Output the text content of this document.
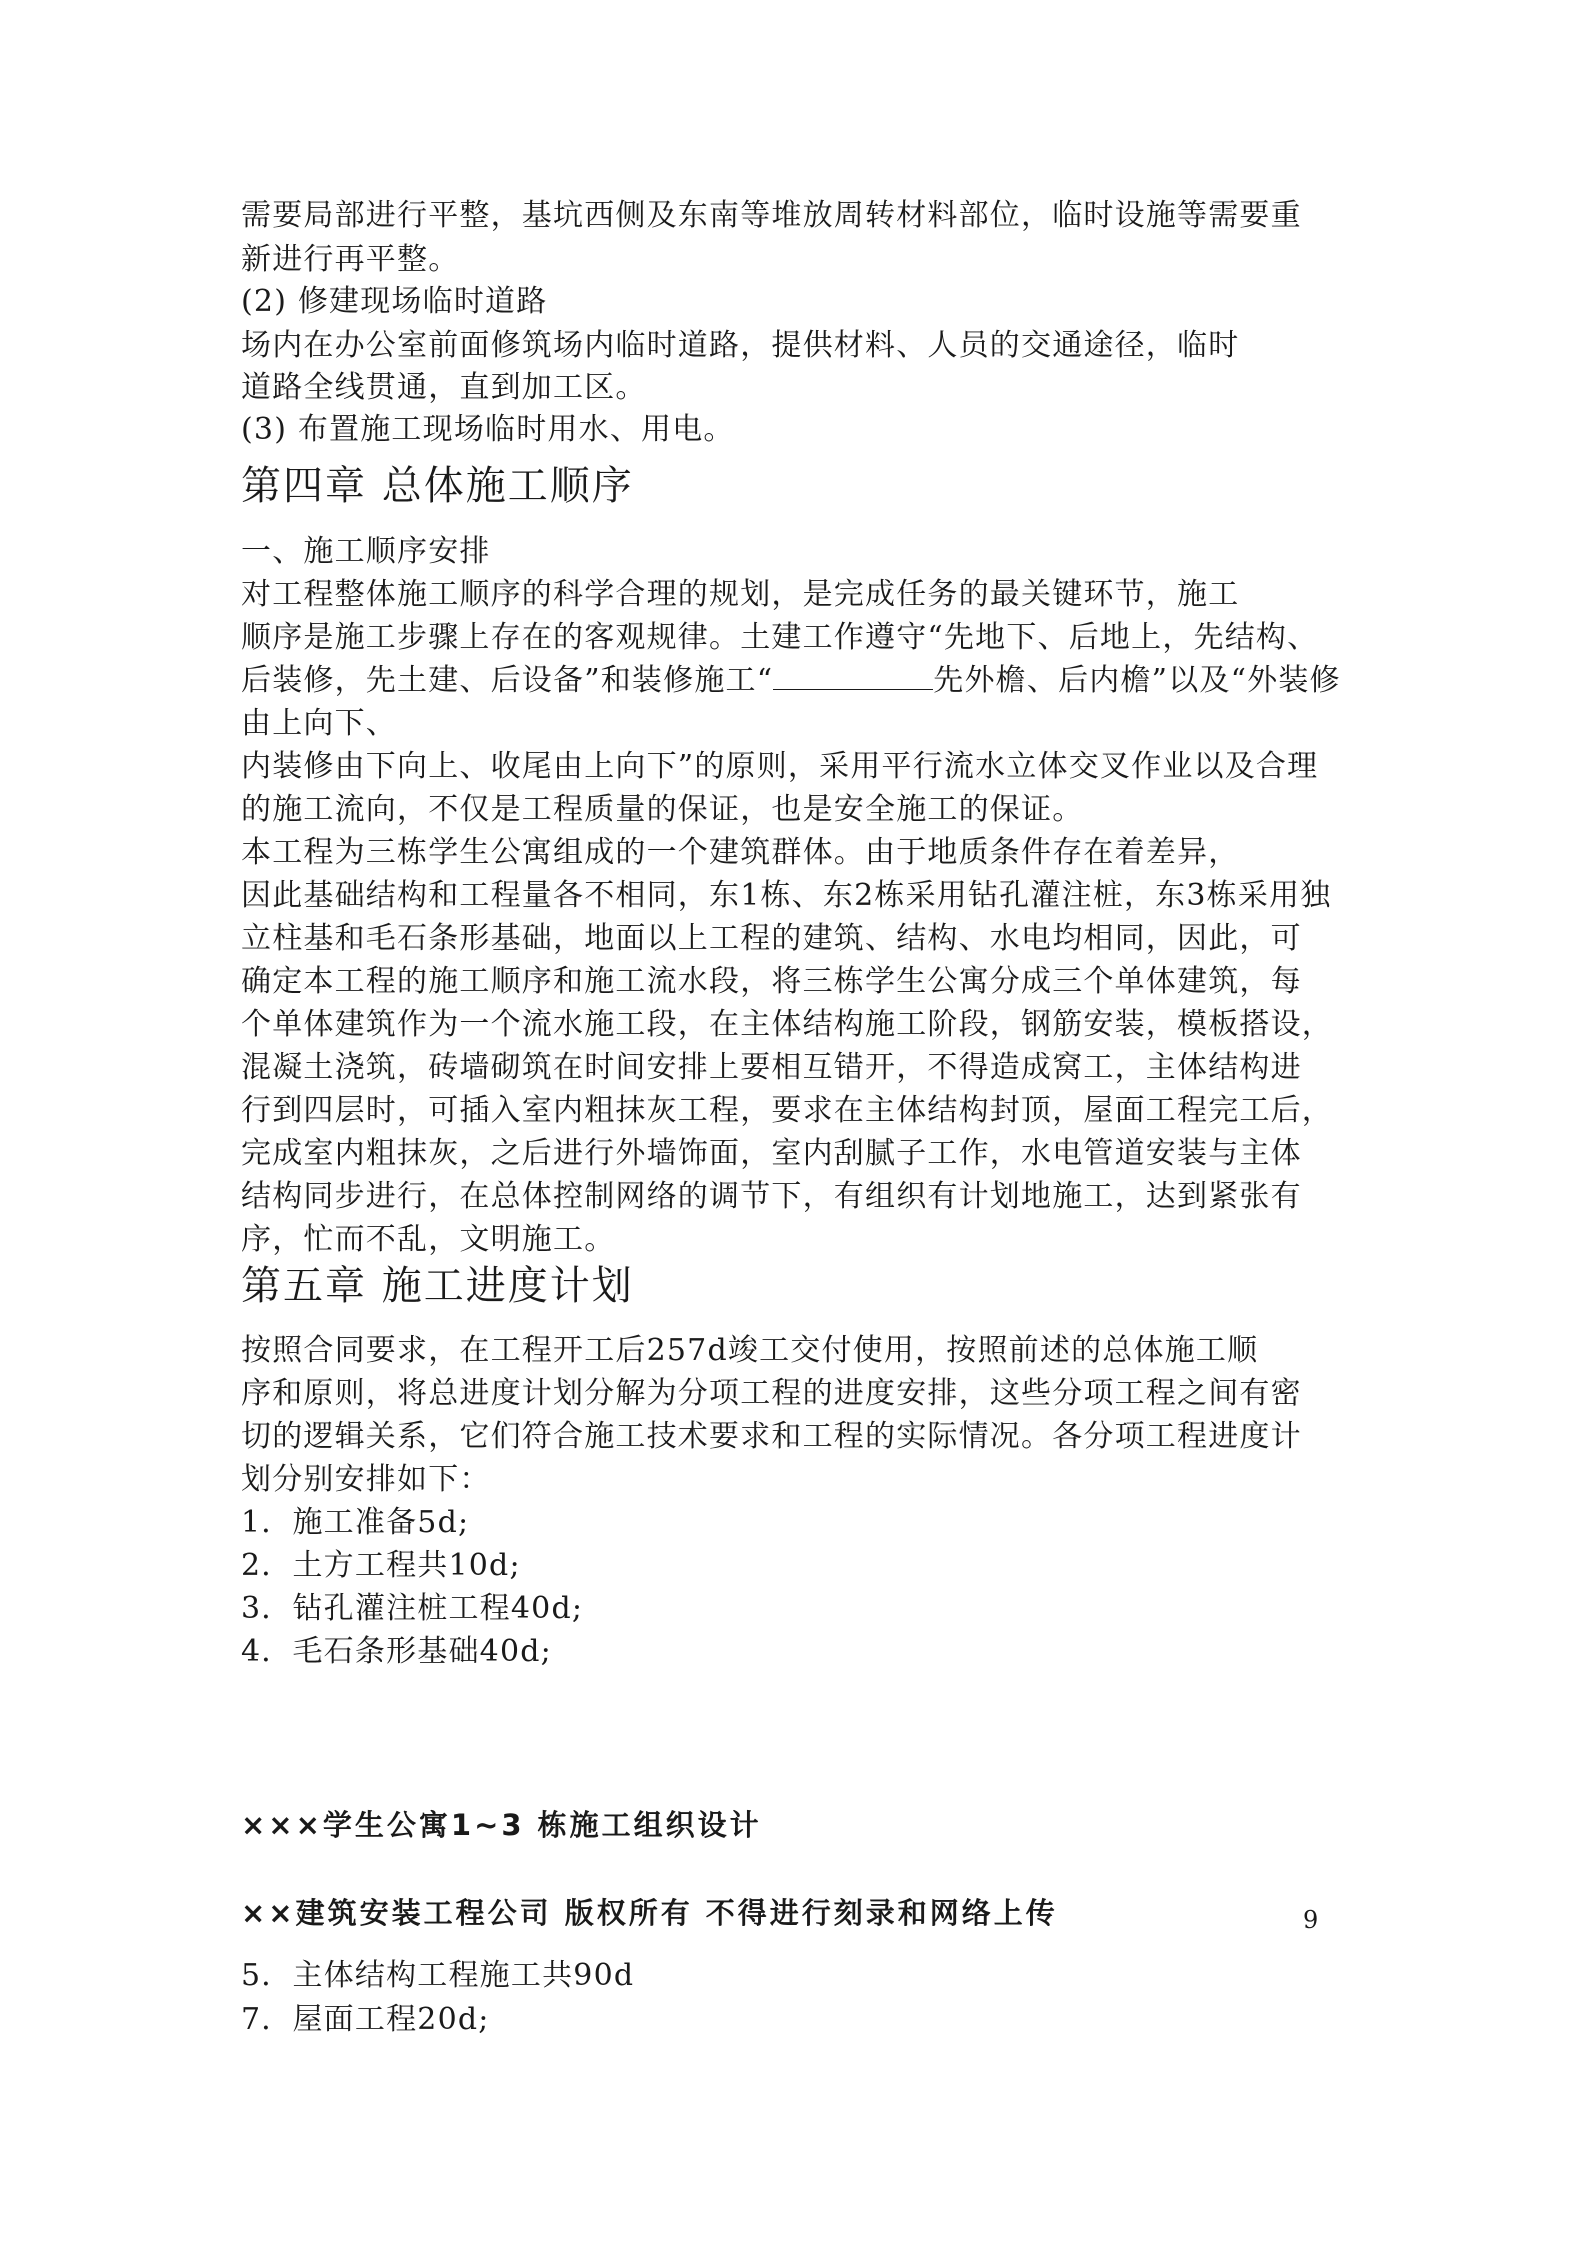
需要局部进行平整，基坑西侧及东南等堆放周转材料部位，临时设施等需要重

新进行再平整。

(2) 修建现场临时道路

场内在办公室前面修筑场内临时道路，提供材料、人员的交通途径，临时

道路全线贯通，直到加工区。

(3) 布置施工现场临时用水、用电。

第四章 总体施工顺序

一、施工顺序安排

对工程整体施工顺序的科学合理的规划，是完成任务的最关键环节，施工

顺序是施工步骤上存在的客观规律。土建工作遵守“先地下、后地上，先结构、

后装修，先土建、后设备”和装修施工“	先外檐、后内檐”以及“外装修

由上向下、

内装修由下向上、收尾由上向下”的原则，采用平行流水立体交叉作业以及合理

的施工流向，不仅是工程质量的保证，也是安全施工的保证。

本工程为三栋学生公寓组成的一个建筑群体。由于地质条件存在着差异，

因此基础结构和工程量各不相同，东1栋、东2栋采用钻孔灌注桩，东3栋采用独

立柱基和毛石条形基础，地面以上工程的建筑、结构、水电均相同，因此，可

确定本工程的施工顺序和施工流水段，将三栋学生公寓分成三个单体建筑，每

个单体建筑作为一个流水施工段，在主体结构施工阶段，钢筋安装，模板搭设，

混凝土浇筑，砖墙砌筑在时间安排上要相互错开，不得造成窝工，主体结构进

行到四层时，可插入室内粗抹灰工程，要求在主体结构封顶，屋面工程完工后，

完成室内粗抹灰，之后进行外墙饰面，室内刮腻子工作，水电管道安装与主体

结构同步进行，在总体控制网络的调节下，有组织有计划地施工，达到紧张有

序，忙而不乱，文明施工。

第五章 施工进度计划

按照合同要求，在工程开工后257d竣工交付使用，按照前述的总体施工顺

序和原则，将总进度计划分解为分项工程的进度安排，这些分项工程之间有密

切的逻辑关系，它们符合施工技术要求和工程的实际情况。各分项工程进度计

划分别安排如下：

1．施工准备5d;

2．土方工程共10d;

3．钻孔灌注桩工程40d;

4．毛石条形基础40d;

×××学生公寓1~3 栋施工组织设计

××建筑安装工程公司 版权所有 不得进行刻录和网络上传	9

5．主体结构工程施工共90d

7．屋面工程20d;
